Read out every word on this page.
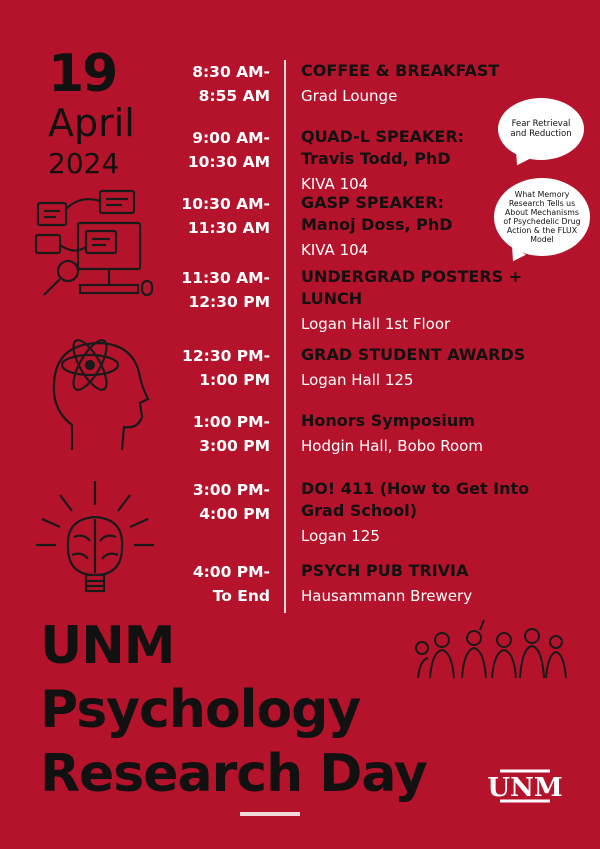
19
April
2024
8:30 AM-
8:55 AM
COFFEE & BREAKFAST
Grad Lounge
9:00 AM-
10:30 AM
QUAD-L SPEAKER: Travis Todd, PhD
KIVA 104
10:30 AM-
11:30 AM
GASP SPEAKER: Manoj Doss, PhD
KIVA 104
11:30 AM-
12:30 PM
UNDERGRAD POSTERS + LUNCH
Logan Hall 1st Floor
12:30 PM-
1:00 PM
GRAD STUDENT AWARDS
Logan Hall 125
1:00 PM-
3:00 PM
Honors Symposium
Hodgin Hall, Bobo Room
3:00 PM-
4:00 PM
DO! 411 (How to Get Into Grad School)
Logan 125
4:00 PM-
To End
PSYCH PUB TRIVIA
Hausammann Brewery
Fear Retrieval and Reduction
What Memory Research Tells us About Mechanisms of Psychedelic Drug Action & the FLUX Model
UNM
Psychology
Research Day UNM
